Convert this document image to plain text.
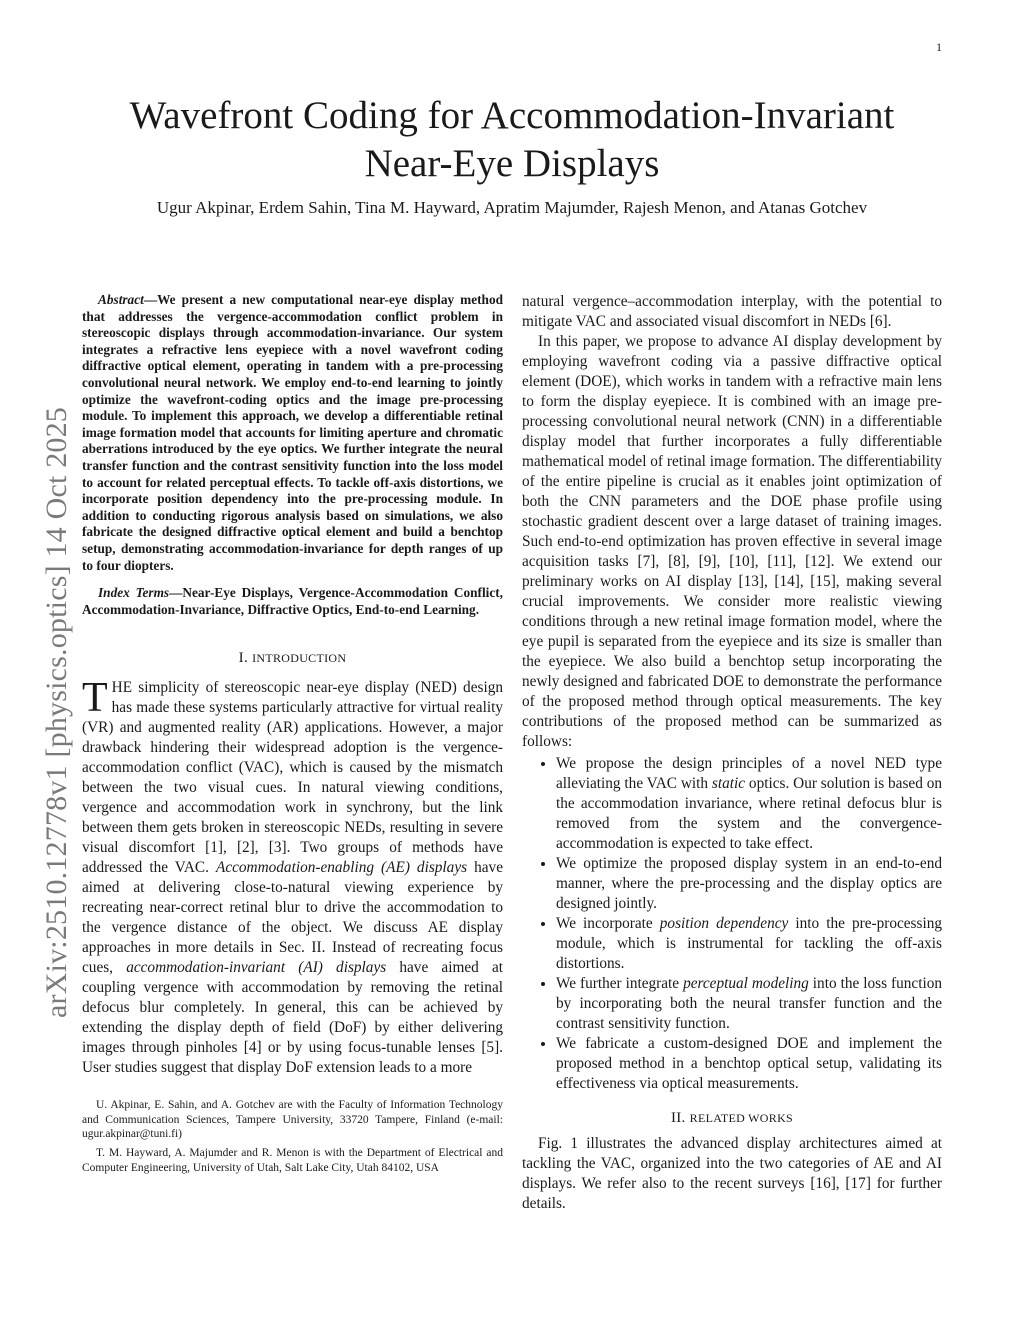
1
arXiv:2510.12778v1 [physics.optics] 14 Oct 2025
Wavefront Coding for Accommodation-Invariant
Near-Eye Displays
Ugur Akpinar, Erdem Sahin, Tina M. Hayward, Apratim Majumder, Rajesh Menon, and Atanas Gotchev

Abstract—We present a new computational near-eye display method that addresses the vergence-accommodation conflict problem in stereoscopic displays through accommodation-invariance. Our system integrates a refractive lens eyepiece with a novel wavefront coding diffractive optical element, operating in tandem with a pre-processing convolutional neural network. We employ end-to-end learning to jointly optimize the wavefront-coding optics and the image pre-processing module. To implement this approach, we develop a differentiable retinal image formation model that accounts for limiting aperture and chromatic aberrations introduced by the eye optics. We further integrate the neural transfer function and the contrast sensitivity function into the loss model to account for related perceptual effects. To tackle off-axis distortions, we incorporate position dependency into the pre-processing module. In addition to conducting rigorous analysis based on simulations, we also fabricate the designed diffractive optical element and build a benchtop setup, demonstrating accommodation-invariance for depth ranges of up to four diopters.

Index Terms—Near-Eye Displays, Vergence-Accommodation Conflict, Accommodation-Invariance, Diffractive Optics, End-to-end Learning.

I. INTRODUCTION

THE simplicity of stereoscopic near-eye display (NED) design has made these systems particularly attractive for virtual reality (VR) and augmented reality (AR) applications. However, a major drawback hindering their widespread adoption is the vergence-accommodation conflict (VAC), which is caused by the mismatch between the two visual cues. In natural viewing conditions, vergence and accommodation work in synchrony, but the link between them gets broken in stereoscopic NEDs, resulting in severe visual discomfort [1], [2], [3]. Two groups of methods have addressed the VAC. Accommodation-enabling (AE) displays have aimed at delivering close-to-natural viewing experience by recreating near-correct retinal blur to drive the accommodation to the vergence distance of the object. We discuss AE display approaches in more details in Sec. II. Instead of recreating focus cues, accommodation-invariant (AI) displays have aimed at coupling vergence with accommodation by removing the retinal defocus blur completely. In general, this can be achieved by extending the display depth of field (DoF) by either delivering images through pinholes [4] or by using focus-tunable lenses [5]. User studies suggest that display DoF extension leads to a more

U. Akpinar, E. Sahin, and A. Gotchev are with the Faculty of Information Technology and Communication Sciences, Tampere University, 33720 Tampere, Finland (e-mail: ugur.akpinar@tuni.fi)

T. M. Hayward, A. Majumder and R. Menon is with the Department of Electrical and Computer Engineering, University of Utah, Salt Lake City, Utah 84102, USA

natural vergence–accommodation interplay, with the potential to mitigate VAC and associated visual discomfort in NEDs [6].

In this paper, we propose to advance AI display development by employing wavefront coding via a passive diffractive optical element (DOE), which works in tandem with a refractive main lens to form the display eyepiece. It is combined with an image pre-processing convolutional neural network (CNN) in a differentiable display model that further incorporates a fully differentiable mathematical model of retinal image formation. The differentiability of the entire pipeline is crucial as it enables joint optimization of both the CNN parameters and the DOE phase profile using stochastic gradient descent over a large dataset of training images. Such end-to-end optimization has proven effective in several image acquisition tasks [7], [8], [9], [10], [11], [12]. We extend our preliminary works on AI display [13], [14], [15], making several crucial improvements. We consider more realistic viewing conditions through a new retinal image formation model, where the eye pupil is separated from the eyepiece and its size is smaller than the eyepiece. We also build a benchtop setup incorporating the newly designed and fabricated DOE to demonstrate the performance of the proposed method through optical measurements. The key contributions of the proposed method can be summarized as follows:

• We propose the design principles of a novel NED type alleviating the VAC with static optics. Our solution is based on the accommodation invariance, where retinal defocus blur is removed from the system and the convergence-accommodation is expected to take effect.
• We optimize the proposed display system in an end-to-end manner, where the pre-processing and the display optics are designed jointly.
• We incorporate position dependency into the pre-processing module, which is instrumental for tackling the off-axis distortions.
• We further integrate perceptual modeling into the loss function by incorporating both the neural transfer function and the contrast sensitivity function.
• We fabricate a custom-designed DOE and implement the proposed method in a benchtop optical setup, validating its effectiveness via optical measurements.
II. RELATED WORKS

Fig. 1 illustrates the advanced display architectures aimed at tackling the VAC, organized into the two categories of AE and AI displays. We refer also to the recent surveys [16], [17] for further details.
